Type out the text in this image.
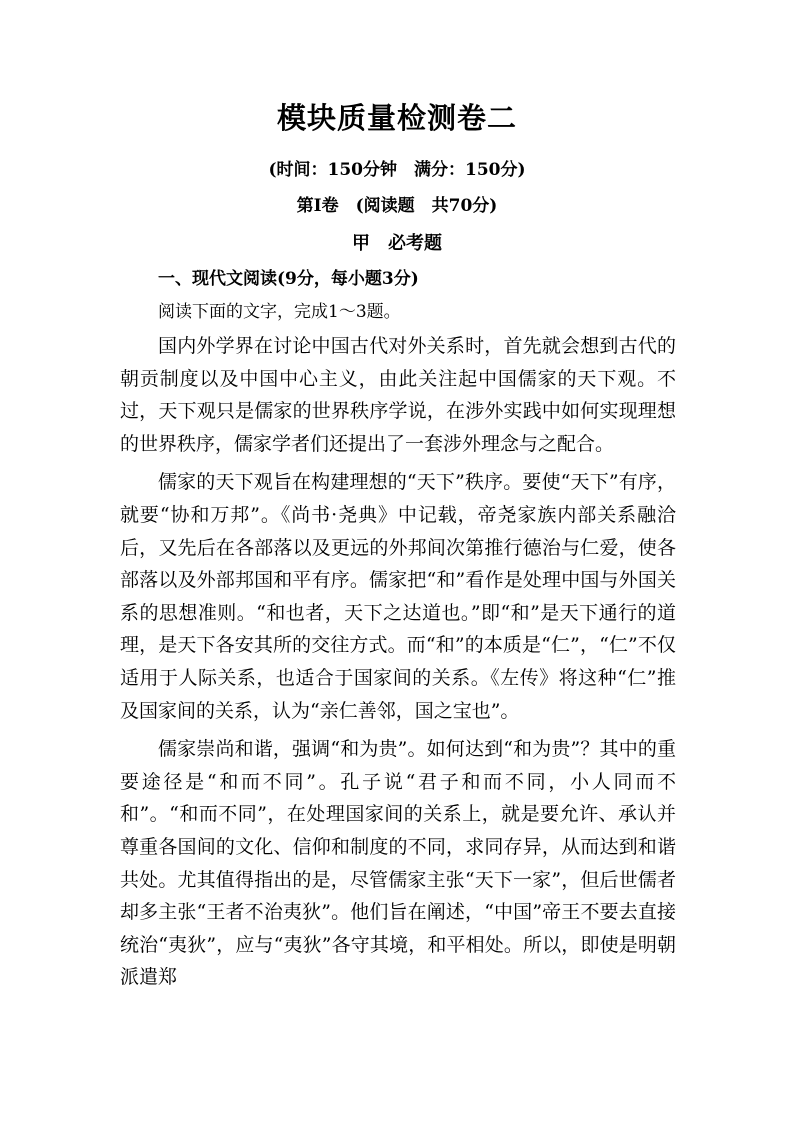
模块质量检测卷二
(时间：150分钟　满分：150分)
第Ⅰ卷　(阅读题　共70分)
甲　必考题
一、现代文阅读(9分，每小题3分)
阅读下面的文字，完成1～3题。

国内外学界在讨论中国古代对外关系时，首先就会想到古代的朝贡制度以及中国中心主义，由此关注起中国儒家的天下观。不过，天下观只是儒家的世界秩序学说，在涉外实践中如何实现理想的世界秩序，儒家学者们还提出了一套涉外理念与之配合。

儒家的天下观旨在构建理想的“天下”秩序。要使“天下”有序，就要“协和万邦”。《尚书·尧典》中记载，帝尧家族内部关系融洽后，又先后在各部落以及更远的外邦间次第推行德治与仁爱，使各部落以及外部邦国和平有序。儒家把“和”看作是处理中国与外国关系的思想准则。“和也者，天下之达道也。”即“和”是天下通行的道理，是天下各安其所的交往方式。而“和”的本质是“仁”，“仁”不仅适用于人际关系，也适合于国家间的关系。《左传》将这种“仁”推及国家间的关系，认为“亲仁善邻，国之宝也”。

儒家崇尚和谐，强调“和为贵”。如何达到“和为贵”？其中的重要途径是“和而不同”。孔子说“君子和而不同，小人同而不和”。“和而不同”，在处理国家间的关系上，就是要允许、承认并尊重各国间的文化、信仰和制度的不同，求同存异，从而达到和谐共处。尤其值得指出的是，尽管儒家主张“天下一家”，但后世儒者却多主张“王者不治夷狄”。他们旨在阐述，“中国”帝王不要去直接统治“夷狄”，应与“夷狄”各守其境，和平相处。所以，即使是明朝派遣郑
